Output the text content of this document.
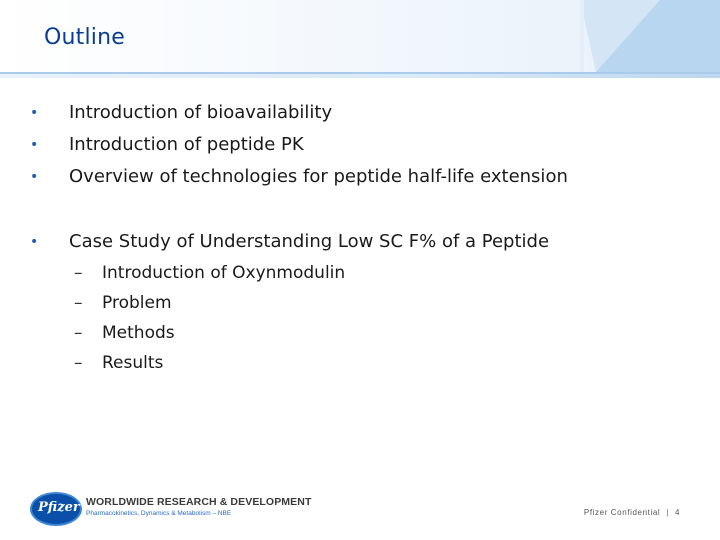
Outline
• Introduction of bioavailability
• Introduction of peptide PK
• Overview of technologies for peptide half-life extension
• Case Study of Understanding Low SC F% of a Peptide
– Introduction of Oxynmodulin
– Problem
– Methods
– Results
Pfizer WORLDWIDE RESEARCH & DEVELOPMENT
Pharmacokinetics, Dynamics & Metabolism – NBE	Pfizer Confidential | 4
